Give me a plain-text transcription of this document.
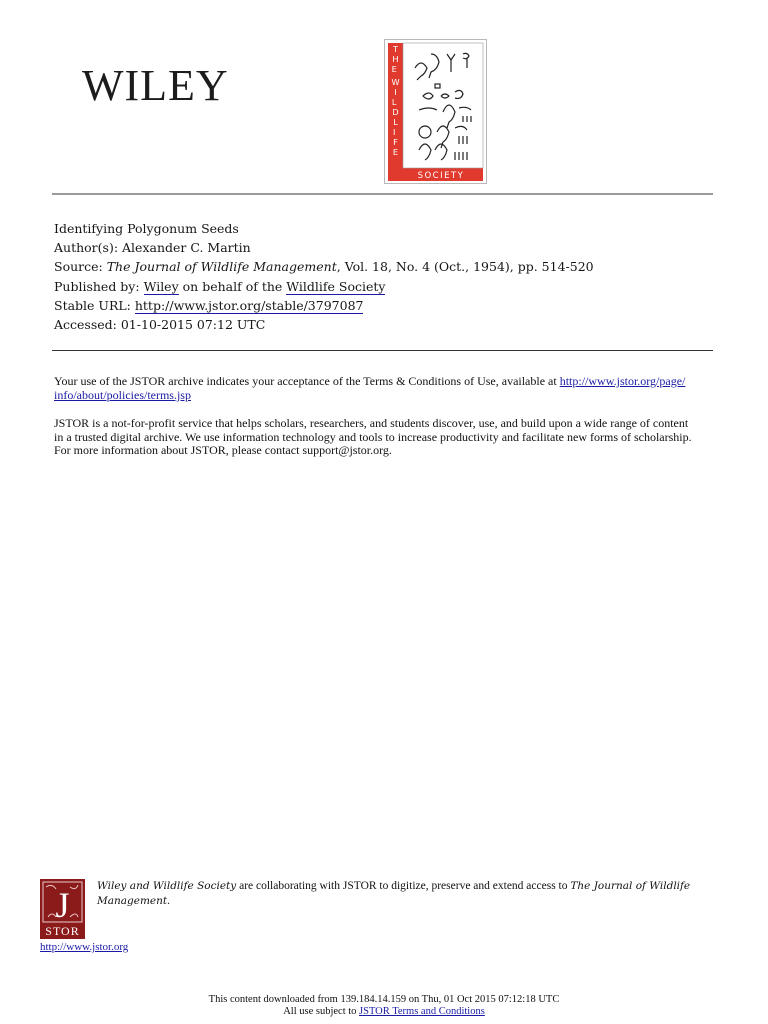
WILEY
T H E W I L D L I F E
SOCIETY
Identifying Polygonum Seeds
Author(s): Alexander C. Martin
Source: The Journal of Wildlife Management, Vol. 18, No. 4 (Oct., 1954), pp. 514-520
Published by: Wiley on behalf of the Wildlife Society
Stable URL: http://www.jstor.org/stable/3797087
Accessed: 01-10-2015 07:12 UTC
Your use of the JSTOR archive indicates your acceptance of the Terms & Conditions of Use, available at http://www.jstor.org/page/
info/about/policies/terms.jsp
JSTOR is a not-for-profit service that helps scholars, researchers, and students discover, use, and build upon a wide range of content
in a trusted digital archive. We use information technology and tools to increase productivity and facilitate new forms of scholarship.
For more information about JSTOR, please contact support@jstor.org.
J
STOR
Wiley and Wildlife Society are collaborating with JSTOR to digitize, preserve and extend access to The Journal of Wildlife
Management.
http://www.jstor.org
This content downloaded from 139.184.14.159 on Thu, 01 Oct 2015 07:12:18 UTC
All use subject to JSTOR Terms and Conditions
